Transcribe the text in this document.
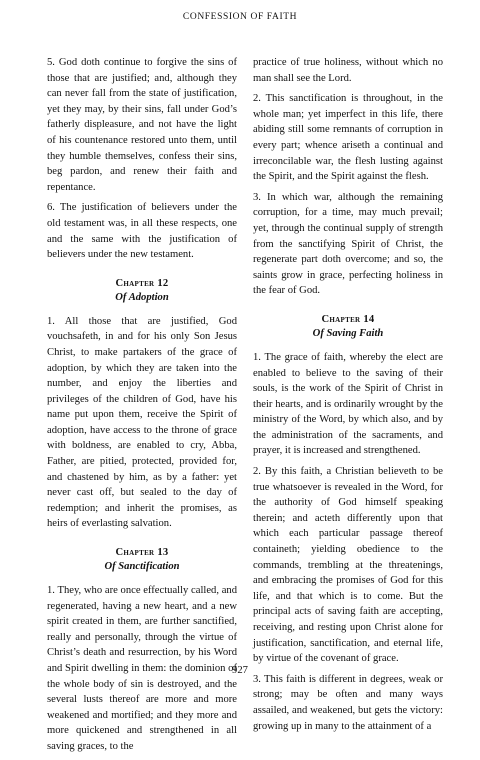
CONFESSION OF FAITH

5. God doth continue to forgive the sins of those that are justified; and, although they can never fall from the state of justification, yet they may, by their sins, fall under God’s fatherly displeasure, and not have the light of his countenance restored unto them, until they humble themselves, confess their sins, beg pardon, and renew their faith and repentance.

6. The justification of believers under the old testament was, in all these respects, one and the same with the justification of believers under the new testament.

Chapter 12
Of Adoption

1. All those that are justified, God vouchsafeth, in and for his only Son Jesus Christ, to make partakers of the grace of adoption, by which they are taken into the number, and enjoy the liberties and privileges of the children of God, have his name put upon them, receive the Spirit of adoption, have access to the throne of grace with boldness, are enabled to cry, Abba, Father, are pitied, protected, provided for, and chastened by him, as by a father: yet never cast off, but sealed to the day of redemption; and inherit the promises, as heirs of everlasting salvation.

Chapter 13
Of Sanctification

1. They, who are once effectually called, and regenerated, having a new heart, and a new spirit created in them, are further sanctified, really and personally, through the virtue of Christ’s death and resurrection, by his Word and Spirit dwelling in them: the dominion of the whole body of sin is destroyed, and the several lusts thereof are more and more weakened and mortified; and they more and more quickened and strengthened in all saving graces, to the

practice of true holiness, without which no man shall see the Lord.

2. This sanctification is throughout, in the whole man; yet imperfect in this life, there abiding still some remnants of corruption in every part; whence ariseth a continual and irreconcilable war, the flesh lusting against the Spirit, and the Spirit against the flesh.

3. In which war, although the remaining corruption, for a time, may much prevail; yet, through the continual supply of strength from the sanctifying Spirit of Christ, the regenerate part doth overcome; and so, the saints grow in grace, perfecting holiness in the fear of God.

Chapter 14
Of Saving Faith

1. The grace of faith, whereby the elect are enabled to believe to the saving of their souls, is the work of the Spirit of Christ in their hearts, and is ordinarily wrought by the ministry of the Word, by which also, and by the administration of the sacraments, and prayer, it is increased and strengthened.

2. By this faith, a Christian believeth to be true whatsoever is revealed in the Word, for the authority of God himself speaking therein; and acteth differently upon that which each particular passage thereof containeth; yielding obedience to the commands, trembling at the threatenings, and embracing the promises of God for this life, and that which is to come. But the principal acts of saving faith are accepting, receiving, and resting upon Christ alone for justification, sanctification, and eternal life, by virtue of the covenant of grace.

3. This faith is different in degrees, weak or strong; may be often and many ways assailed, and weakened, but gets the victory: growing up in many to the attainment of a

927
